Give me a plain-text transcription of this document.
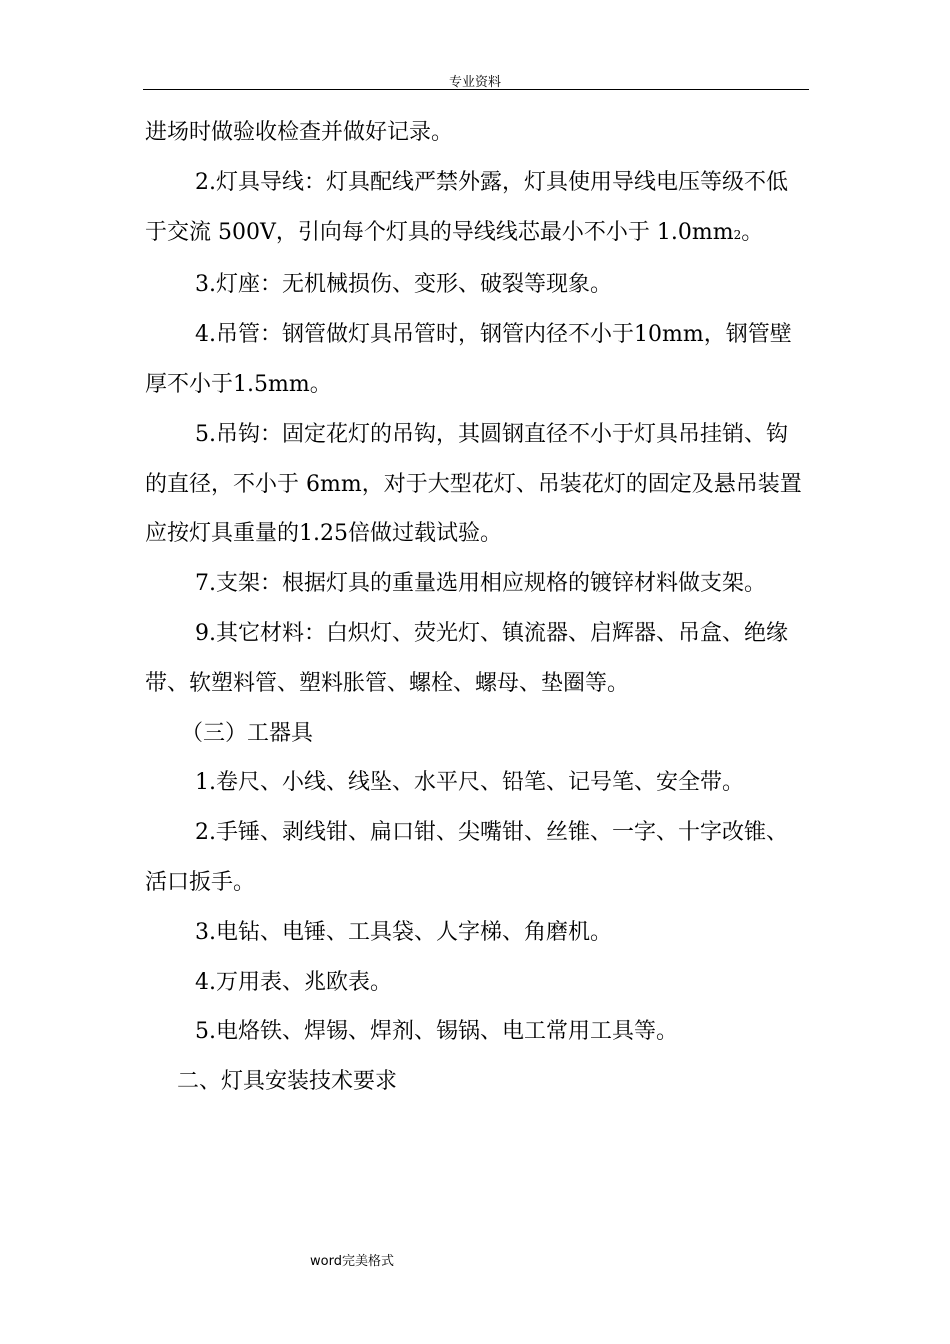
专业资料

进场时做验收检查并做好记录。

2.灯具导线：灯具配线严禁外露，灯具使用导线电压等级不低于交流 500V，引向每个灯具的导线线芯最小不小于 1.0mm2。

3.灯座：无机械损伤、变形、破裂等现象。

4.吊管：钢管做灯具吊管时，钢管内径不小于10mm，钢管壁厚不小于1.5mm。

5.吊钩：固定花灯的吊钩，其圆钢直径不小于灯具吊挂销、钩的直径，不小于 6mm，对于大型花灯、吊装花灯的固定及悬吊装置应按灯具重量的1.25倍做过载试验。

7.支架：根据灯具的重量选用相应规格的镀锌材料做支架。

9.其它材料：白炽灯、荧光灯、镇流器、启辉器、吊盒、绝缘带、软塑料管、塑料胀管、螺栓、螺母、垫圈等。

（三）工器具

1.卷尺、小线、线坠、水平尺、铅笔、记号笔、安全带。

2.手锤、剥线钳、扁口钳、尖嘴钳、丝锥、一字、十字改锥、活口扳手。

3.电钻、电锤、工具袋、人字梯、角磨机。

4.万用表、兆欧表。

5.电烙铁、焊锡、焊剂、锡锅、电工常用工具等。

二、灯具安装技术要求

word完美格式
